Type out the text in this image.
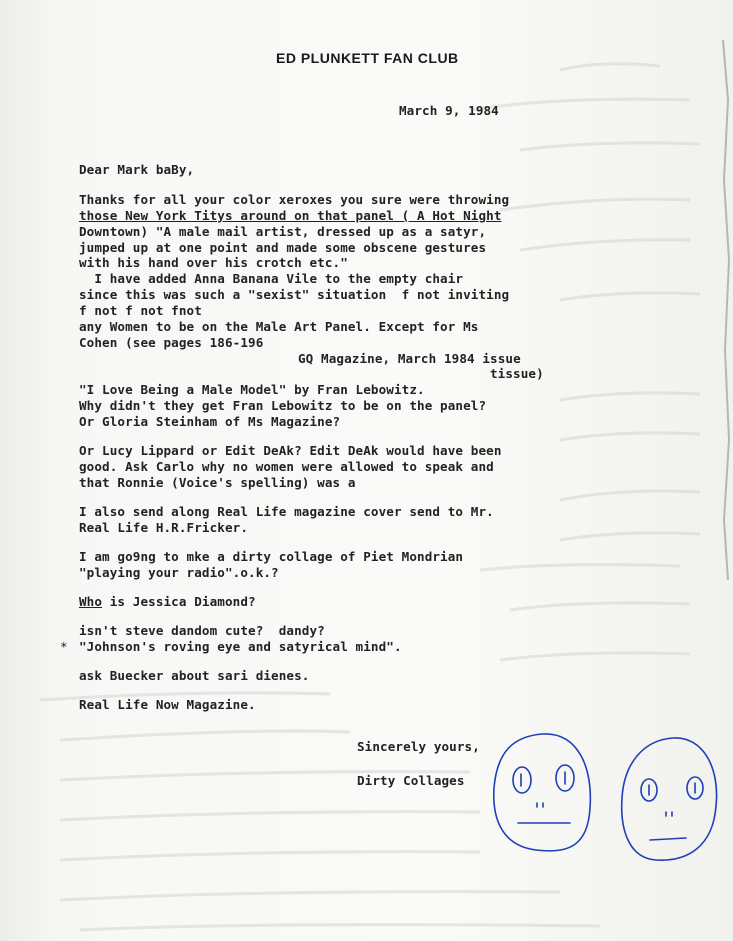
ED PLUNKETT FAN CLUB
March 9, 1984
Dear Mark baBy,
Thanks for all your color xeroxes you sure were throwing
those New York Titys around on that panel ( A Hot Night
Downtown) "A male mail artist, dressed up as a satyr,
jumped up at one point and made some obscene gestures
with his hand over his crotch etc."
I have added Anna Banana Vile to the empty chair
since this was such a "sexist" situation  f not inviting
f not f not fnot
any Women to be on the Male Art Panel. Except for Ms
Cohen (see pages 186-196
GQ Magazine, March 1984 issue
tissue)
"I Love Being a Male Model" by Fran Lebowitz.
Why didn't they get Fran Lebowitz to be on the panel?
Or Gloria Steinham of Ms Magazine?
Or Lucy Lippard or Edit DeAk? Edit DeAk would have been
good. Ask Carlo why no women were allowed to speak and
that Ronnie (Voice's spelling) was a
I also send along Real Life magazine cover send to Mr.
Real Life H.R.Fricker.
I am go9ng to mke a dirty collage of Piet Mondrian
"playing your radio".o.k.?
Who is Jessica Diamond?
isn't steve dandom cute?  dandy?
* "Johnson's roving eye and satyrical mind".
ask Buecker about sari dienes.
Real Life Now Magazine.
Sincerely yours,
Dirty Collages
